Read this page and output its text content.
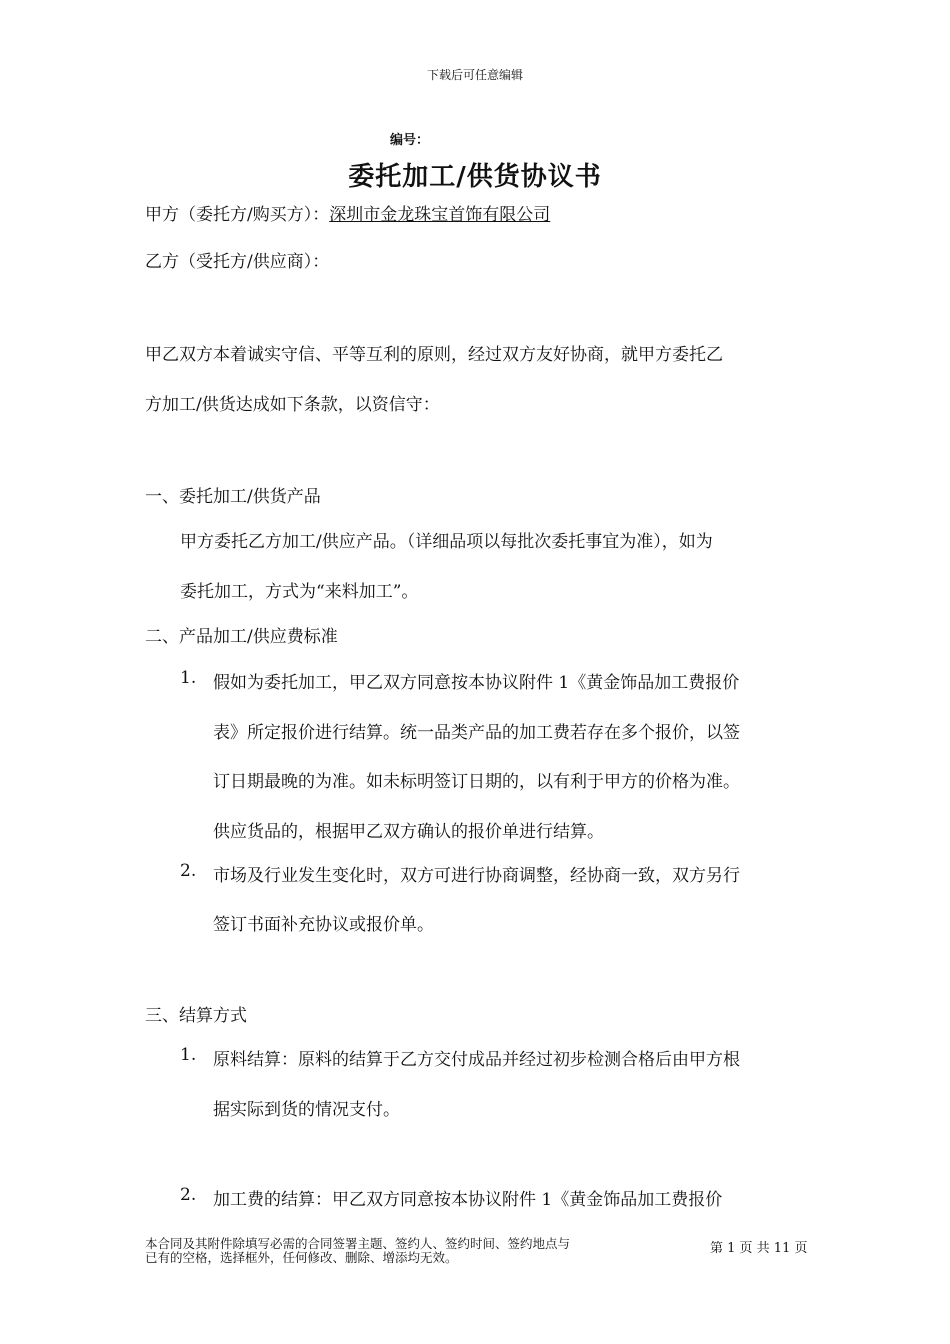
下载后可任意编辑
编号：
委托加工/供货协议书
甲方（委托方/购买方）：深圳市金龙珠宝首饰有限公司
乙方（受托方/供应商）：
甲乙双方本着诚实守信、平等互利的原则，经过双方友好协商，就甲方委托乙
方加工/供货达成如下条款，以资信守：
一、委托加工/供货产品
甲方委托乙方加工/供应产品。（详细品项以每批次委托事宜为准），如为
委托加工，方式为“来料加工”。
二、产品加工/供应费标准
1. 假如为委托加工，甲乙双方同意按本协议附件 1《黄金饰品加工费报价
表》所定报价进行结算。统一品类产品的加工费若存在多个报价，以签
订日期最晚的为准。如未标明签订日期的，以有利于甲方的价格为准。
供应货品的，根据甲乙双方确认的报价单进行结算。
2. 市场及行业发生变化时，双方可进行协商调整，经协商一致，双方另行
签订书面补充协议或报价单。
三、结算方式
1. 原料结算：原料的结算于乙方交付成品并经过初步检测合格后由甲方根
据实际到货的情况支付。
2. 加工费的结算：甲乙双方同意按本协议附件 1《黄金饰品加工费报价
本合同及其附件除填写必需的合同签署主题、签约人、签约时间、签约地点与
已有的空格，选择框外，任何修改、删除、增添均无效。
第 1 页 共 11 页
